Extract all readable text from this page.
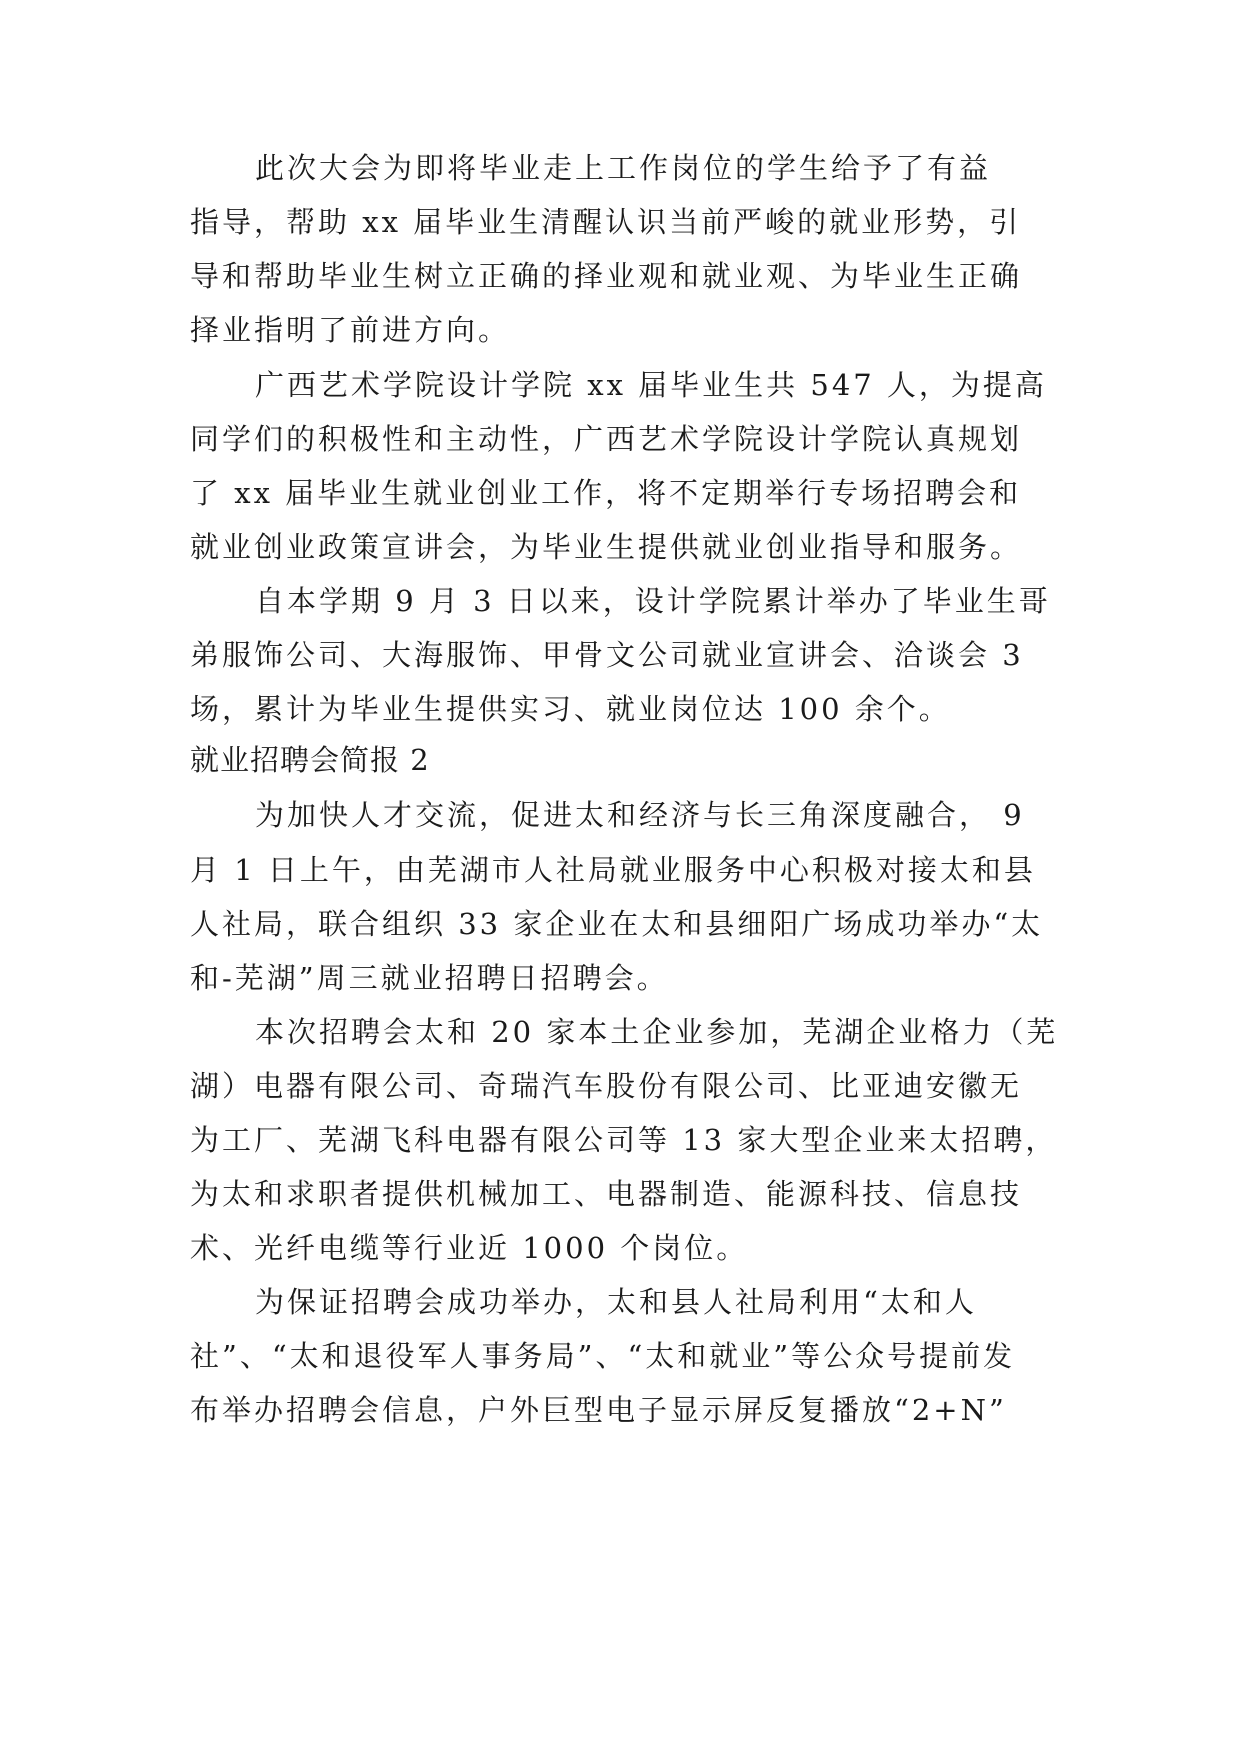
此次大会为即将毕业走上工作岗位的学生给予了有益
指导，帮助 xx 届毕业生清醒认识当前严峻的就业形势，引
导和帮助毕业生树立正确的择业观和就业观、为毕业生正确
择业指明了前进方向。
广西艺术学院设计学院 xx 届毕业生共 547 人，为提高
同学们的积极性和主动性，广西艺术学院设计学院认真规划
了 xx 届毕业生就业创业工作，将不定期举行专场招聘会和
就业创业政策宣讲会，为毕业生提供就业创业指导和服务。
自本学期 9 月 3 日以来，设计学院累计举办了毕业生哥
弟服饰公司、大海服饰、甲骨文公司就业宣讲会、洽谈会 3
场，累计为毕业生提供实习、就业岗位达 100 余个。
就业招聘会简报 2
为加快人才交流，促进太和经济与长三角深度融合， 9
月 1 日上午，由芜湖市人社局就业服务中心积极对接太和县
人社局，联合组织 33 家企业在太和县细阳广场成功举办“太
和-芜湖”周三就业招聘日招聘会。
本次招聘会太和 20 家本土企业参加，芜湖企业格力（芜
湖）电器有限公司、奇瑞汽车股份有限公司、比亚迪安徽无
为工厂、芜湖飞科电器有限公司等 13 家大型企业来太招聘，
为太和求职者提供机械加工、电器制造、能源科技、信息技
术、光纤电缆等行业近 1000 个岗位。
为保证招聘会成功举办，太和县人社局利用“太和人
社”、“太和退役军人事务局”、“太和就业”等公众号提前发
布举办招聘会信息，户外巨型电子显示屏反复播放“2+N”
